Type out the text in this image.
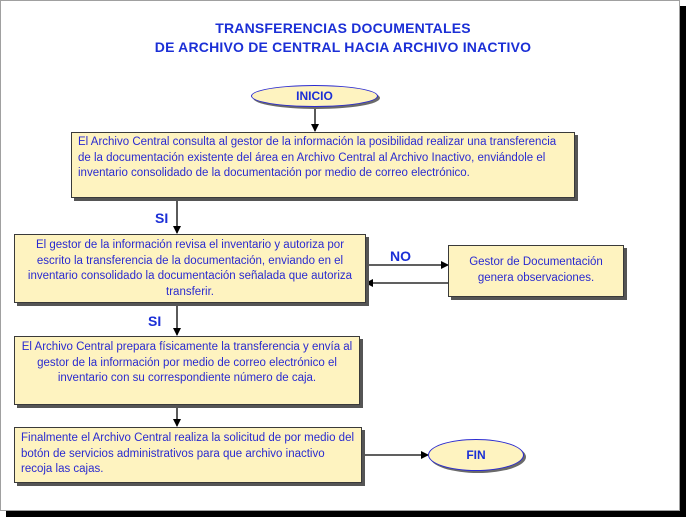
TRANSFERENCIAS DOCUMENTALES
DE ARCHIVO DE CENTRAL HACIA ARCHIVO INACTIVO
INICIO
El Archivo Central consulta al gestor de la información la posibilidad realizar una transferencia de la documentación existente del área en Archivo Central al Archivo Inactivo, enviándole el inventario consolidado de la documentación por medio de correo electrónico.
SI
El gestor de la información revisa el inventario y autoriza por escrito la transferencia de la documentación, enviando en el inventario consolidado la documentación señalada que autoriza transferir.
NO	Gestor de Documentación genera observaciones.
SI
El Archivo Central prepara físicamente la transferencia y envía al gestor de la información por medio de correo electrónico el inventario con su correspondiente número de caja.
Finalmente el Archivo Central realiza la solicitud de por medio del botón de servicios administrativos para que archivo inactivo recoja las cajas.
FIN
